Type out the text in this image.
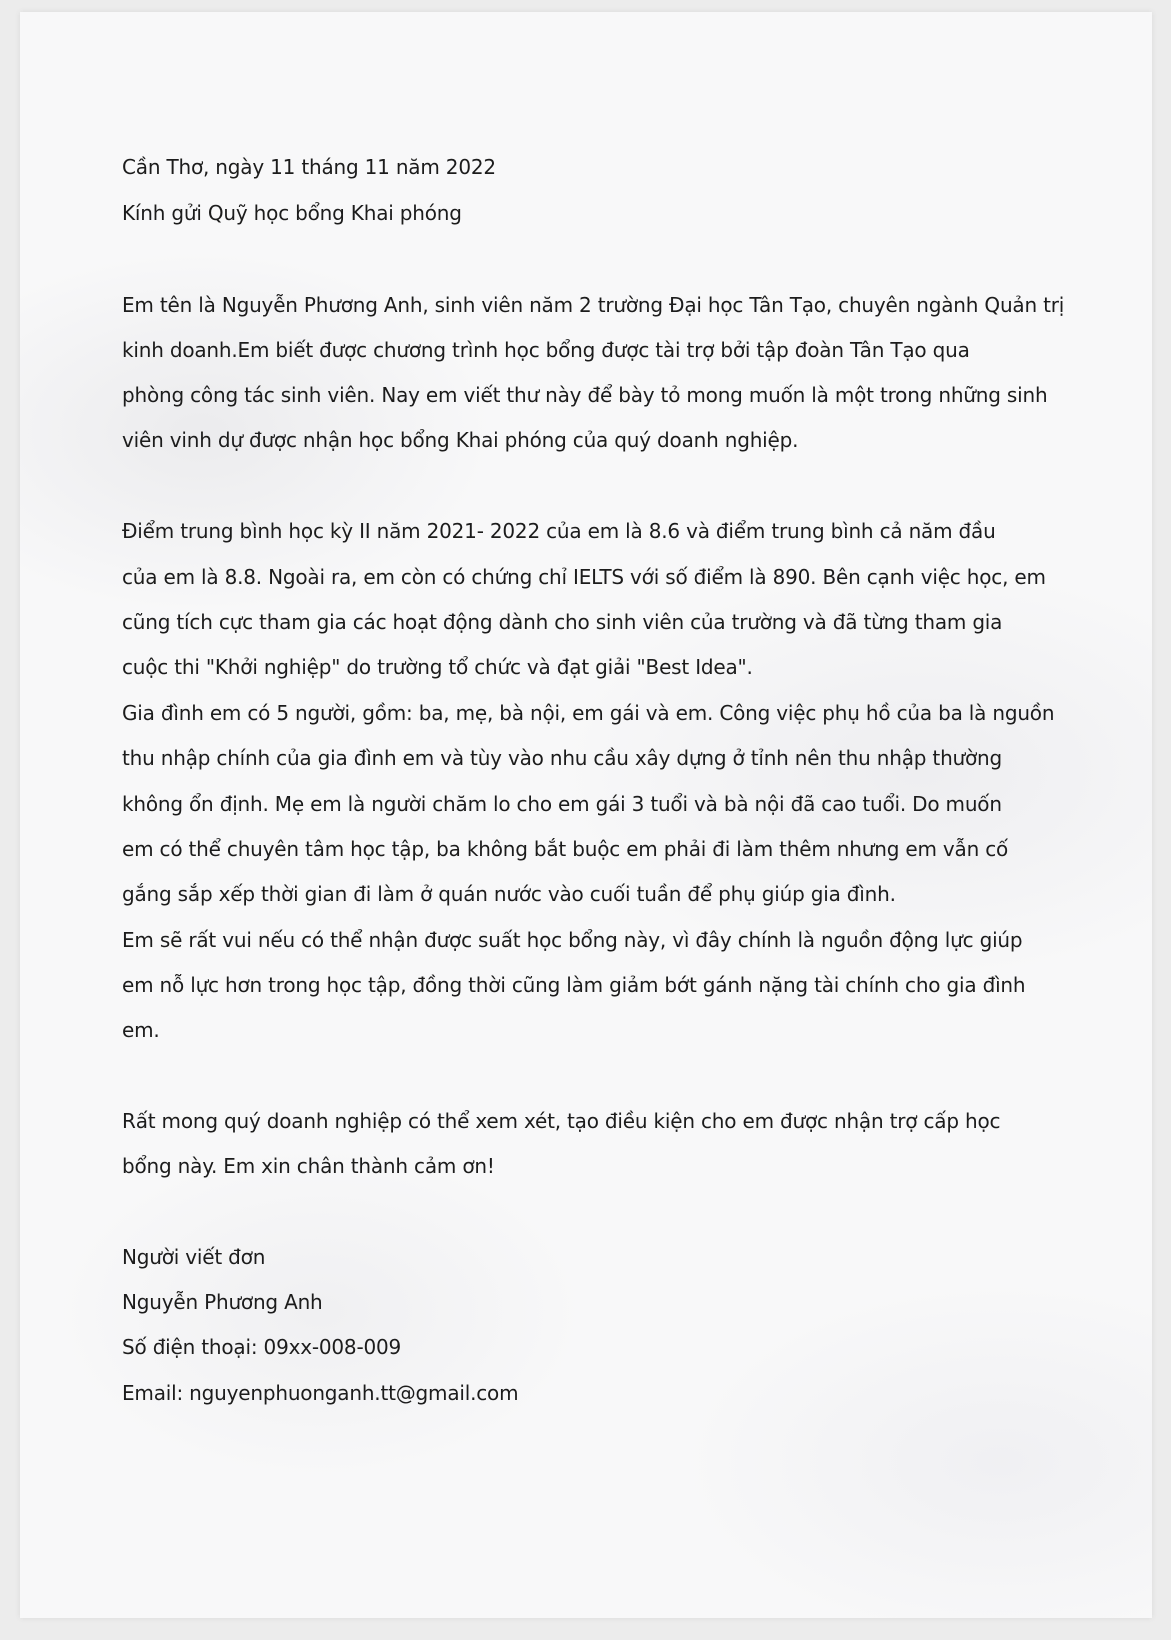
Cần Thơ, ngày 11 tháng 11 năm 2022
Kính gửi Quỹ học bổng Khai phóng
Em tên là Nguyễn Phương Anh, sinh viên năm 2 trường Đại học Tân Tạo, chuyên ngành Quản trị
kinh doanh.Em biết được chương trình học bổng được tài trợ bởi tập đoàn Tân Tạo qua
phòng công tác sinh viên. Nay em viết thư này để bày tỏ mong muốn là một trong những sinh
viên vinh dự được nhận học bổng Khai phóng của quý doanh nghiệp.
Điểm trung bình học kỳ II năm 2021- 2022 của em là 8.6 và điểm trung bình cả năm đầu
của em là 8.8. Ngoài ra, em còn có chứng chỉ IELTS với số điểm là 890. Bên cạnh việc học, em
cũng tích cực tham gia các hoạt động dành cho sinh viên của trường và đã từng tham gia
cuộc thi "Khởi nghiệp" do trường tổ chức và đạt giải "Best Idea".
Gia đình em có 5 người, gồm: ba, mẹ, bà nội, em gái và em. Công việc phụ hồ của ba là nguồn
thu nhập chính của gia đình em và tùy vào nhu cầu xây dựng ở tỉnh nên thu nhập thường
không ổn định. Mẹ em là người chăm lo cho em gái 3 tuổi và bà nội đã cao tuổi. Do muốn
em có thể chuyên tâm học tập, ba không bắt buộc em phải đi làm thêm nhưng em vẫn cố
gắng sắp xếp thời gian đi làm ở quán nước vào cuối tuần để phụ giúp gia đình.
Em sẽ rất vui nếu có thể nhận được suất học bổng này, vì đây chính là nguồn động lực giúp
em nỗ lực hơn trong học tập, đồng thời cũng làm giảm bớt gánh nặng tài chính cho gia đình
em.
Rất mong quý doanh nghiệp có thể xem xét, tạo điều kiện cho em được nhận trợ cấp học
bổng này. Em xin chân thành cảm ơn!
Người viết đơn
Nguyễn Phương Anh
Số điện thoại: 09xx-008-009
Email: nguyenphuonganh.tt@gmail.com
